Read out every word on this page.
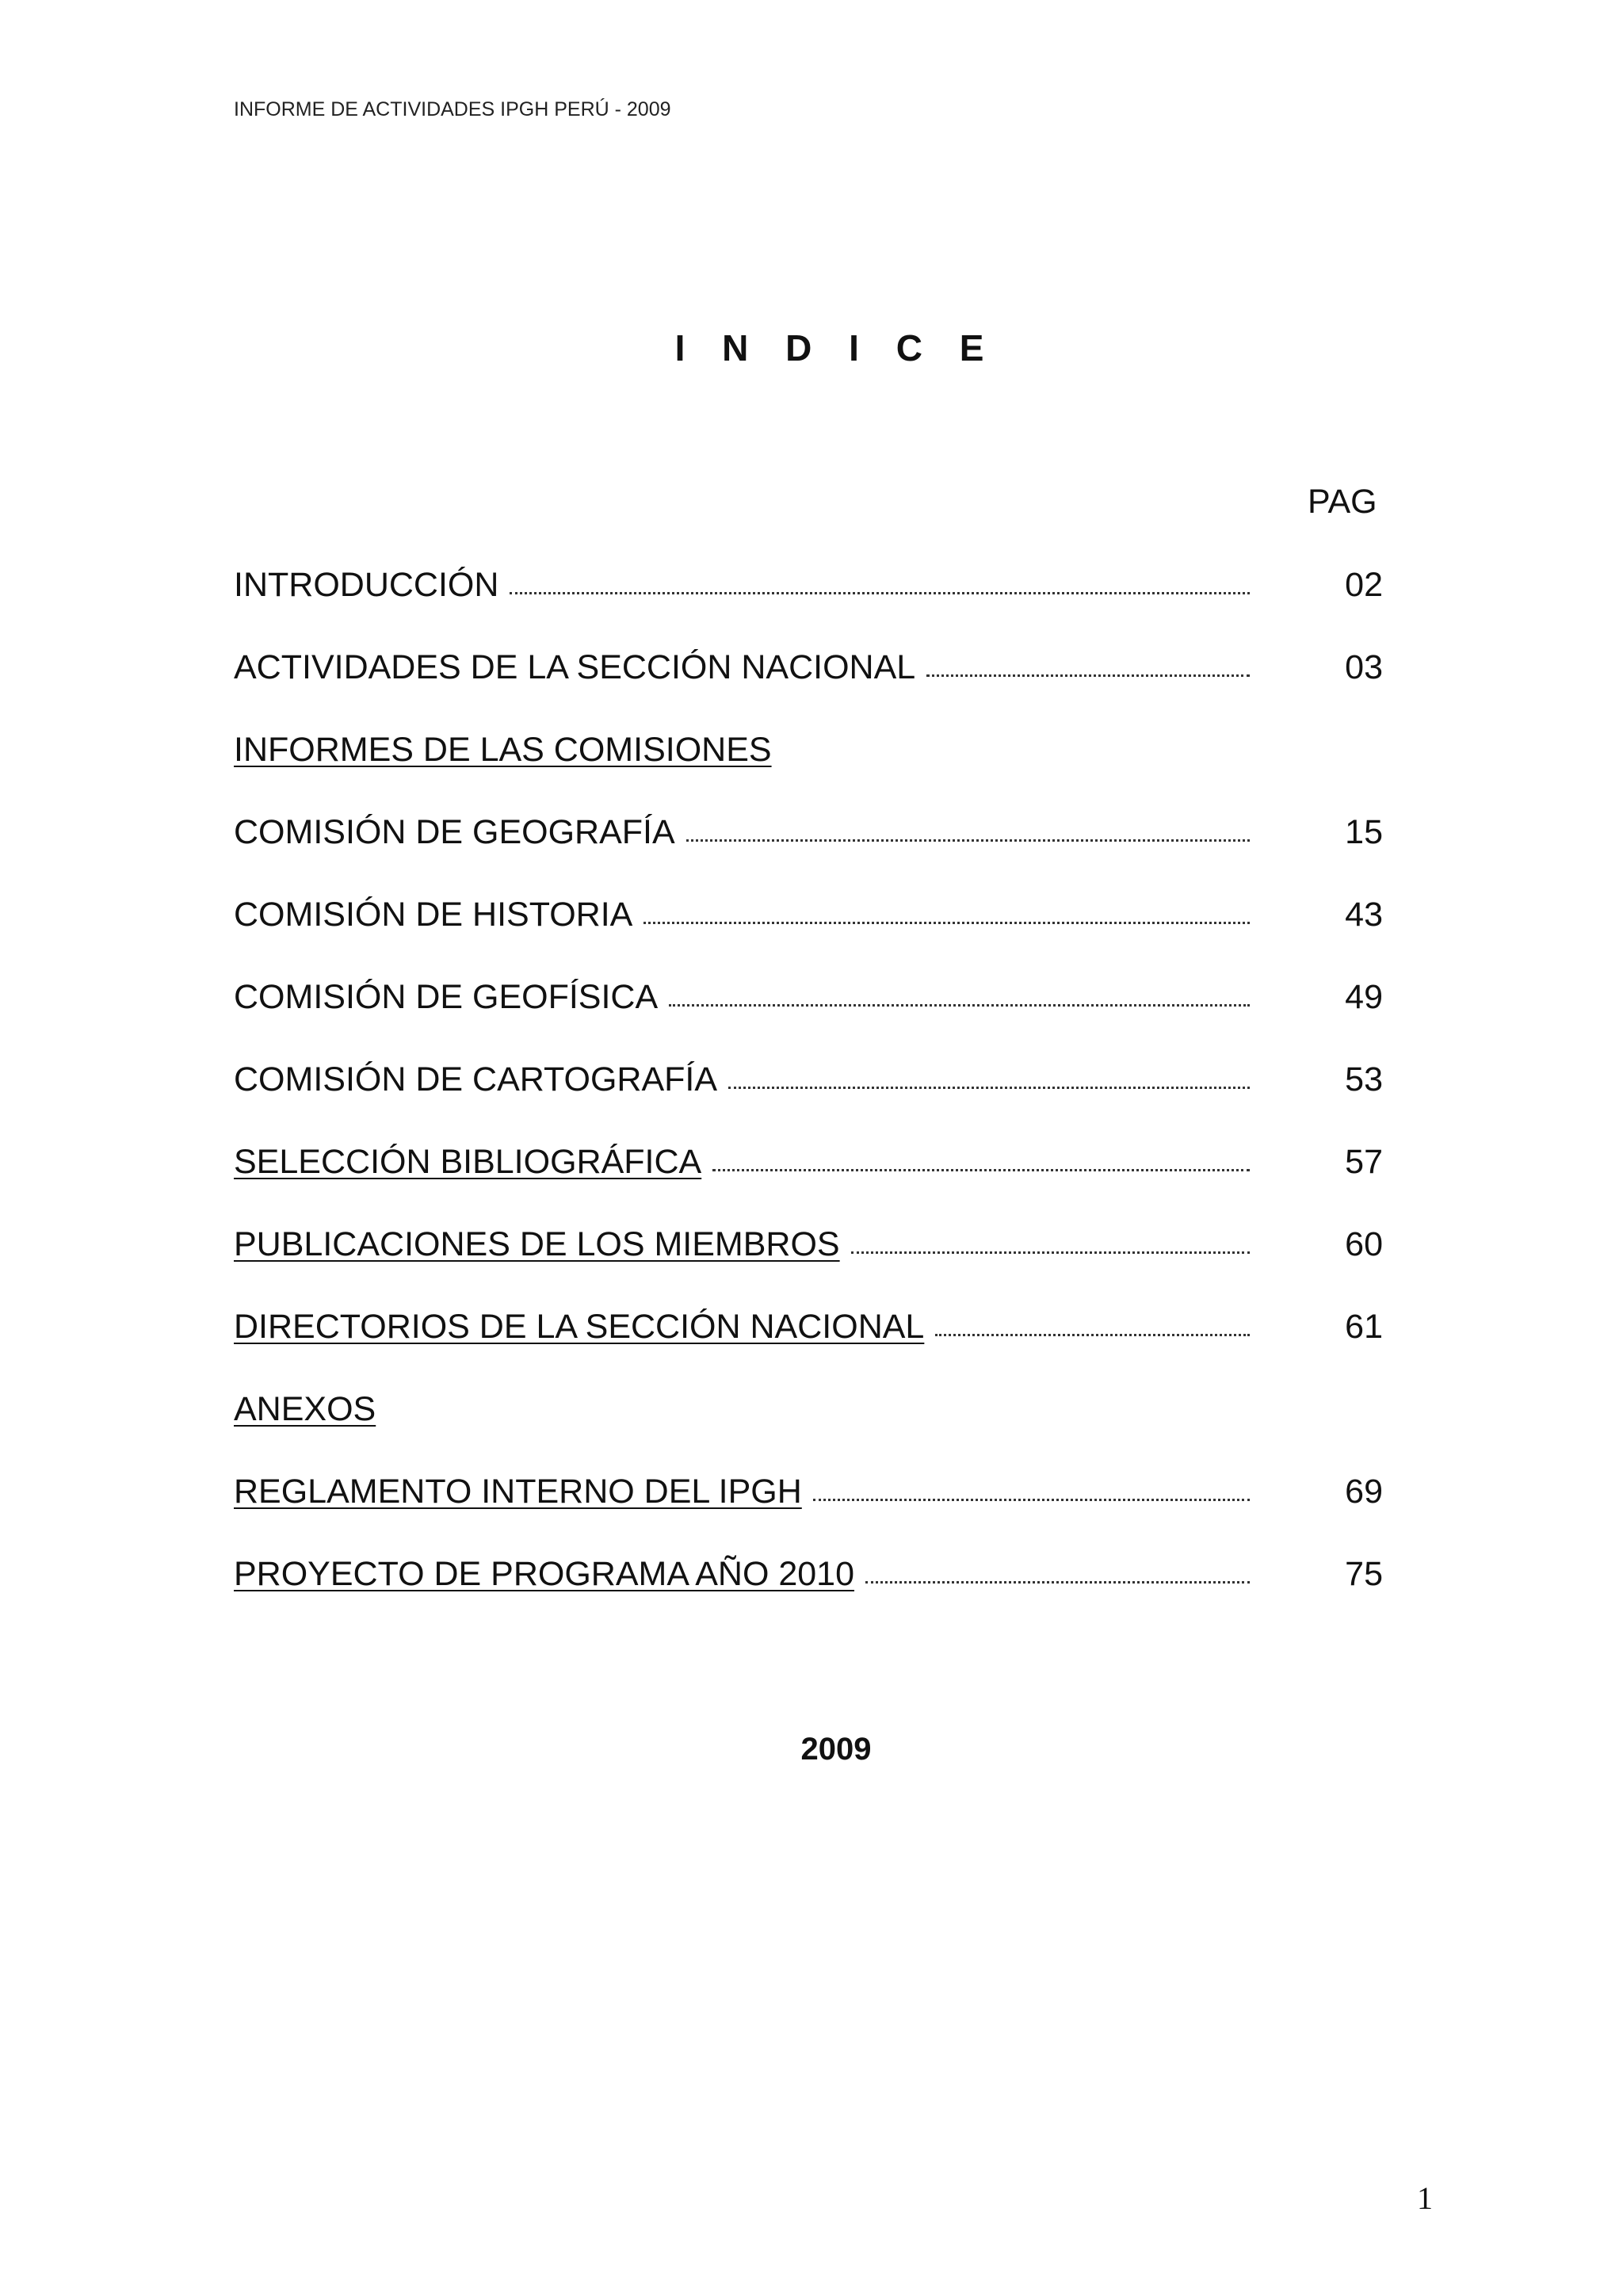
INFORME DE ACTIVIDADES IPGH PERÚ - 2009
I N D I C E
PAG
INTRODUCCIÓN	02
ACTIVIDADES DE LA SECCIÓN NACIONAL	03
INFORMES DE LAS COMISIONES
COMISIÓN DE GEOGRAFÍA	15
COMISIÓN DE HISTORIA	43
COMISIÓN DE GEOFÍSICA	49
COMISIÓN DE CARTOGRAFÍA	53
SELECCIÓN BIBLIOGRÁFICA	57
PUBLICACIONES DE LOS MIEMBROS	60
DIRECTORIOS DE LA SECCIÓN NACIONAL	61
ANEXOS
REGLAMENTO INTERNO DEL IPGH	69
PROYECTO DE PROGRAMA AÑO 2010	75
2009
1
